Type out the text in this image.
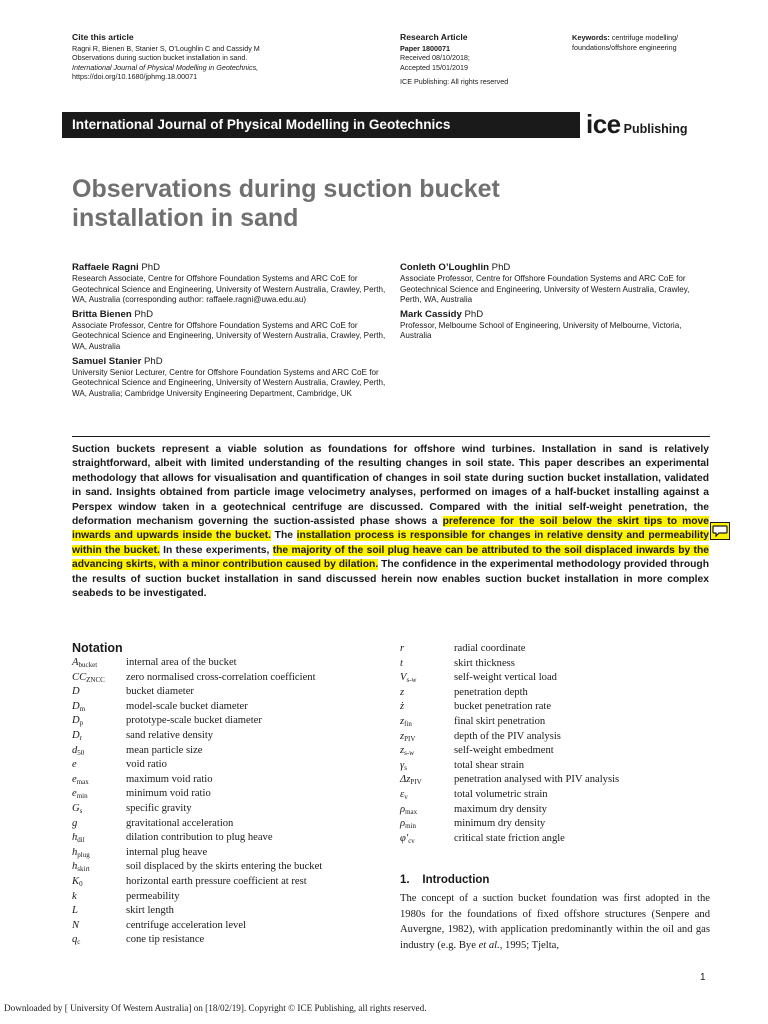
Cite this article
Ragni R, Bienen B, Stanier S, O’Loughlin C and Cassidy M
Observations during suction bucket installation in sand.
International Journal of Physical Modelling in Geotechnics,
https://doi.org/10.1680/jphmg.18.00071
Research Article
Paper 1800071
Received 08/10/2018;
Accepted 15/01/2019
ICE Publishing: All rights reserved
Keywords: centrifuge modelling/
foundations/offshore engineering
International Journal of Physical Modelling in Geotechnics	ice Publishing
Observations during suction bucket installation in sand
Raffaele Ragni PhD
Research Associate, Centre for Offshore Foundation Systems and ARC CoE for Geotechnical Science and Engineering, University of Western Australia, Crawley, Perth, WA, Australia (corresponding author: raffaele.ragni@uwa.edu.au)
Britta Bienen PhD
Associate Professor, Centre for Offshore Foundation Systems and ARC CoE for Geotechnical Science and Engineering, University of Western Australia, Crawley, Perth, WA, Australia
Samuel Stanier PhD
University Senior Lecturer, Centre for Offshore Foundation Systems and ARC CoE for Geotechnical Science and Engineering, University of Western Australia, Crawley, Perth, WA, Australia; Cambridge University Engineering Department, Cambridge, UK
Conleth O’Loughlin PhD
Associate Professor, Centre for Offshore Foundation Systems and ARC CoE for Geotechnical Science and Engineering, University of Western Australia, Crawley, Perth, WA, Australia
Mark Cassidy PhD
Professor, Melbourne School of Engineering, University of Melbourne, Victoria, Australia
Suction buckets represent a viable solution as foundations for offshore wind turbines. Installation in sand is relatively straightforward, albeit with limited understanding of the resulting changes in soil state. This paper describes an experimental methodology that allows for visualisation and quantification of changes in soil state during suction bucket installation, validated in sand. Insights obtained from particle image velocimetry analyses, performed on images of a half-bucket installing against a Perspex window taken in a geotechnical centrifuge are discussed. Compared with the initial self-weight penetration, the deformation mechanism governing the suction-assisted phase shows a preference for the soil below the skirt tips to move inwards and upwards inside the bucket. The installation process is responsible for changes in relative density and permeability within the bucket. In these experiments, the majority of the soil plug heave can be attributed to the soil displaced inwards by the advancing skirts, with a minor contribution caused by dilation. The confidence in the experimental methodology provided through the results of suction bucket installation in sand discussed herein now enables suction bucket installation in more complex seabeds to be investigated.
Notation
$A_{bucket}$	internal area of the bucket
$CC_{ZNCC}$ zero normalised cross-correlation coefficient
D	bucket diameter
$D_m$	model-scale bucket diameter
$D_p$	prototype-scale bucket diameter
$D_r$	sand relative density
$d_{50}$	mean particle size
e	void ratio
$e_{max}$	maximum void ratio
$e_{min}$	minimum void ratio
$G_s$	specific gravity
g	gravitational acceleration
$h_{dil}$	dilation contribution to plug heave
$h_{plug}$	internal plug heave
$h_{skirt}$	soil displaced by the skirts entering the bucket
$K_0$	horizontal earth pressure coefficient at rest
k	permeability
L	skirt length
N	centrifuge acceleration level
$q_c$	cone tip resistance
r	radial coordinate
t	skirt thickness
$V_{s-w}$	self-weight vertical load
z	penetration depth
ż	bucket penetration rate
$z_{fin}$	final skirt penetration
$z_{PIV}$	depth of the PIV analysis
$z_{s-w}$	self-weight embedment
$\gamma_s$	total shear strain
$\Delta z_{PIV}$	penetration analysed with PIV analysis
$\varepsilon_v$	total volumetric strain
$\rho_{max}$	maximum dry density
$\rho_{min}$	minimum dry density
$\varphi'_{cv}$	critical state friction angle
1. Introduction
The concept of a suction bucket foundation was first adopted in the 1980s for the foundations of fixed offshore structures (Senpere and Auvergne, 1982), with application predominantly within the oil and gas industry (e.g. Bye et al., 1995; Tjelta,
1
Downloaded by [ University Of Western Australia] on [18/02/19]. Copyright © ICE Publishing, all rights reserved.
